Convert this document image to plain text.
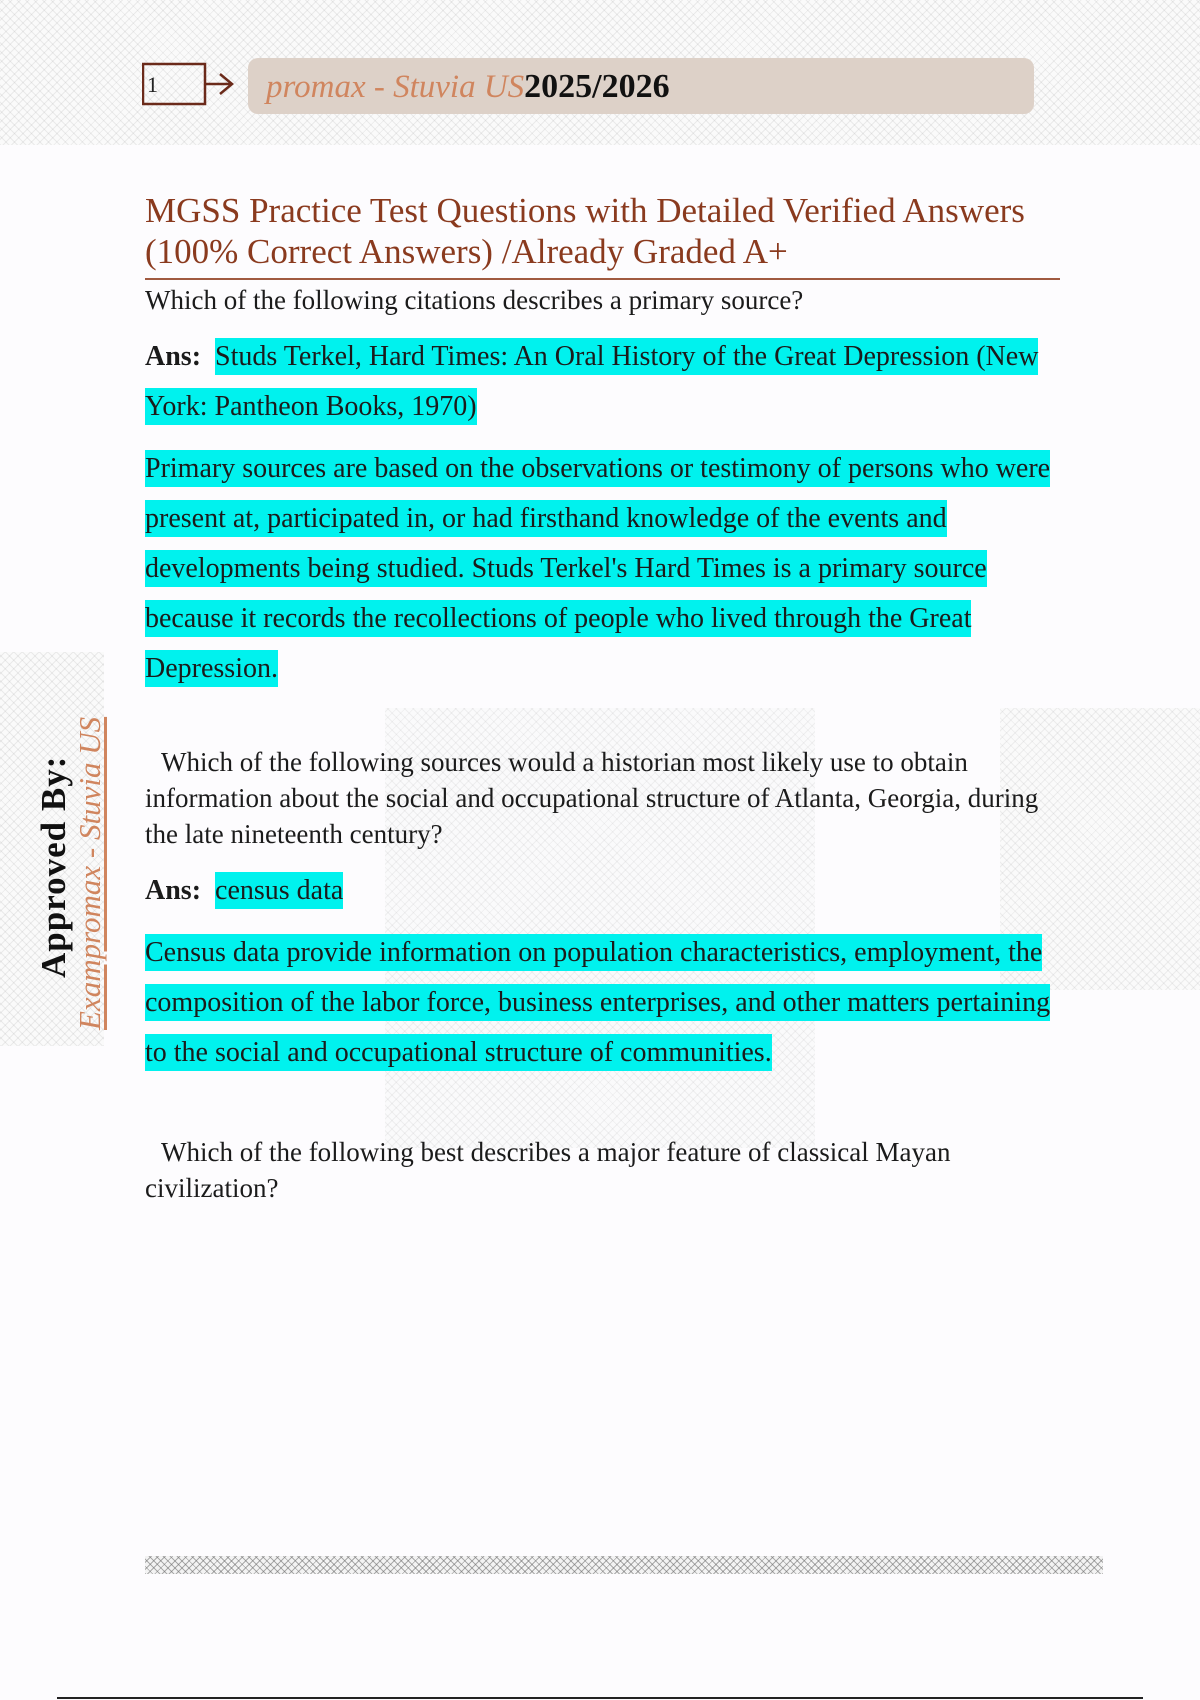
1	promax - Stuvia US2025/2026
Approved By: Exampromax - Stuvia US
MGSS Practice Test Questions with Detailed Verified Answers (100% Correct Answers) /Already Graded A+

Which of the following citations describes a primary source?

Ans: Studs Terkel, Hard Times: An Oral History of the Great Depression (New York: Pantheon Books, 1970)
Primary sources are based on the observations or testimony of persons who were present at, participated in, or had firsthand knowledge of the events and developments being studied. Studs Terkel's Hard Times is a primary source because it records the recollections of people who lived through the Great Depression.

Which of the following sources would a historian most likely use to obtain information about the social and occupational structure of Atlanta, Georgia, during the late nineteenth century?

Ans: census data
Census data provide information on population characteristics, employment, the composition of the labor force, business enterprises, and other matters pertaining to the social and occupational structure of communities.

Which of the following best describes a major feature of classical Mayan civilization?
